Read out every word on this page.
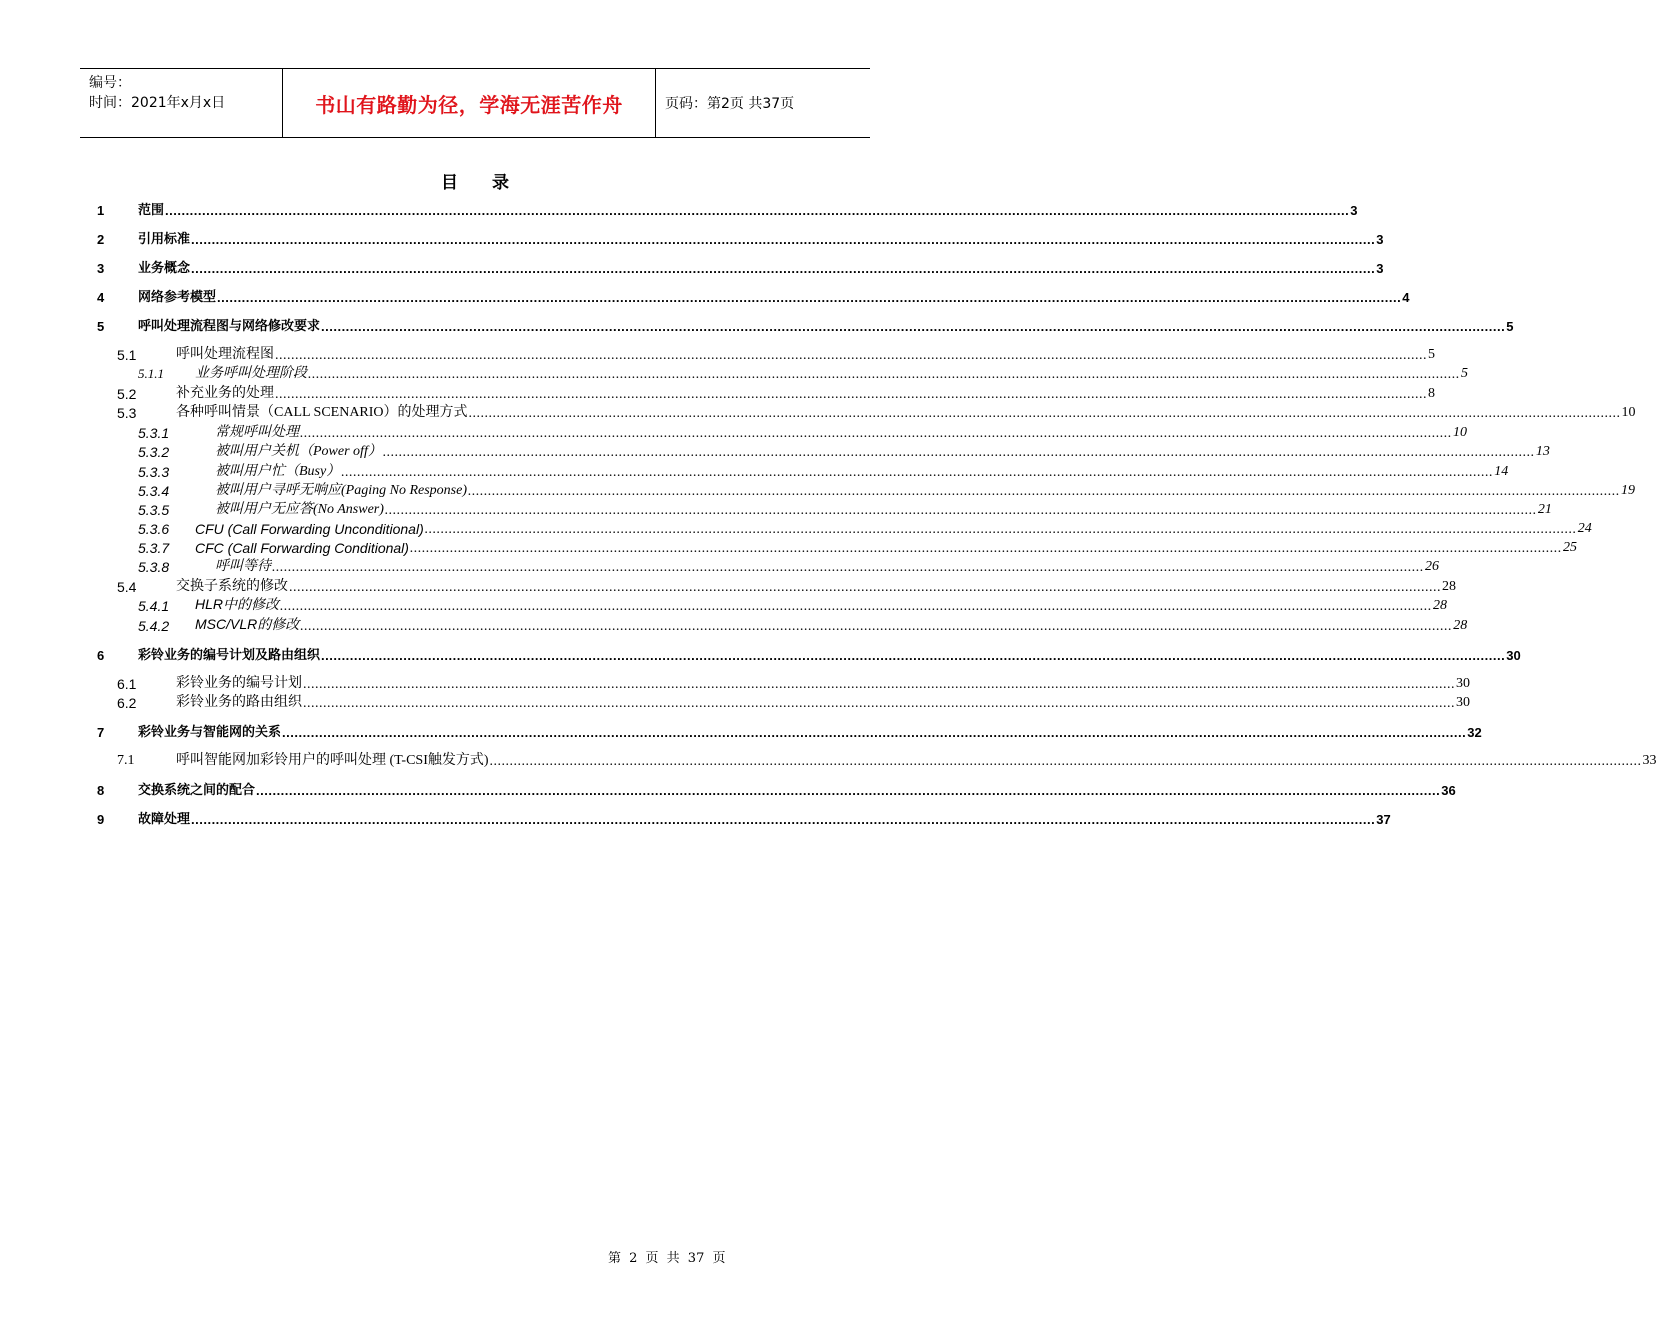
编号：
时间：2021年x月x日	书山有路勤为径，学海无涯苦作舟	页码：第2页 共37页
目 录
1	范围 ................................................................................................................................................................................................................................................................................................ 3
2	引用标准 ................................................................................................................................................................................................................................................................................................ 3
3	业务概念 ................................................................................................................................................................................................................................................................................................ 3
4	网络参考模型 ................................................................................................................................................................................................................................................................................................ 4
5	呼叫处理流程图与网络修改要求 ................................................................................................................................................................................................................................................................................................ 5
5.1	呼叫处理流程图 ................................................................................................................................................................................................................................................................................................ 5
5.1.1 业务呼叫处理阶段 ................................................................................................................................................................................................................................................................................................ 5
5.2	补充业务的处理 ................................................................................................................................................................................................................................................................................................ 8
5.3	各种呼叫情景（CALL SCENARIO）的处理方式 ................................................................................................................................................................................................................................................................................................ 10
5.3.1	常规呼叫处理 ................................................................................................................................................................................................................................................................................................ 10
5.3.2	被叫用户关机（Power off） ................................................................................................................................................................................................................................................................................................ 13
5.3.3	被叫用户忙（Busy） ................................................................................................................................................................................................................................................................................................ 14
5.3.4	被叫用户寻呼无响应(Paging No Response) ................................................................................................................................................................................................................................................................................................ 19
5.3.5	被叫用户无应答(No Answer) ................................................................................................................................................................................................................................................................................................ 21
5.3.6 CFU (Call Forwarding Unconditional) ................................................................................................................................................................................................................................................................................................ 24
5.3.7 CFC (Call Forwarding Conditional) ................................................................................................................................................................................................................................................................................................ 25
5.3.8	呼叫等待 ................................................................................................................................................................................................................................................................................................ 26
5.4	交换子系统的修改 ................................................................................................................................................................................................................................................................................................ 28
5.4.1 HLR中的修改 ................................................................................................................................................................................................................................................................................................ 28
5.4.2 MSC/VLR的修改 ................................................................................................................................................................................................................................................................................................ 28
6	彩铃业务的编号计划及路由组织 ................................................................................................................................................................................................................................................................................................ 30
6.1	彩铃业务的编号计划 ................................................................................................................................................................................................................................................................................................ 30
6.2	彩铃业务的路由组织 ................................................................................................................................................................................................................................................................................................ 30
7	彩铃业务与智能网的关系 ................................................................................................................................................................................................................................................................................................ 32
7.1	呼叫智能网加彩铃用户的呼叫处理 (T-CSI触发方式) ................................................................................................................................................................................................................................................................................................ 33
8	交换系统之间的配合 ................................................................................................................................................................................................................................................................................................ 36
9	故障处理 ................................................................................................................................................................................................................................................................................................ 37
第 2 页 共 37 页
